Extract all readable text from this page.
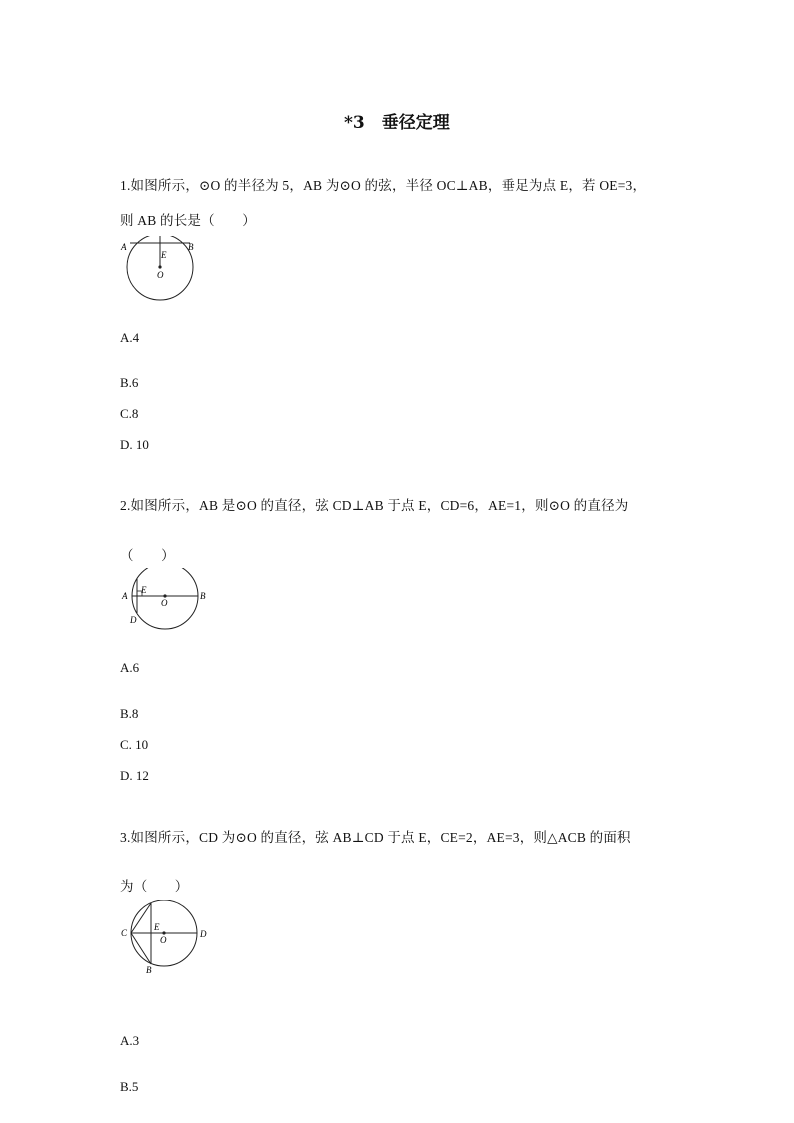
*3　垂径定理
1.如图所示，⊙O 的半径为 5，AB 为⊙O 的弦，半径 OC⊥AB，垂足为点 E，若 OE=3，
则 AB 的长是（　　）
A	B
E
O
A.4
B.6
C.8
D. 10
2.如图所示，AB 是⊙O 的直径，弦 CD⊥AB 于点 E，CD=6，AE=1，则⊙O 的直径为
（　　）
A
E
O
B
D
A.6
B.8
C. 10
D. 12
3.如图所示，CD 为⊙O 的直径，弦 AB⊥CD 于点 E，CE=2，AE=3，则△ACB 的面积
为（　　）
C
E
O
D
B
A.3
B.5
